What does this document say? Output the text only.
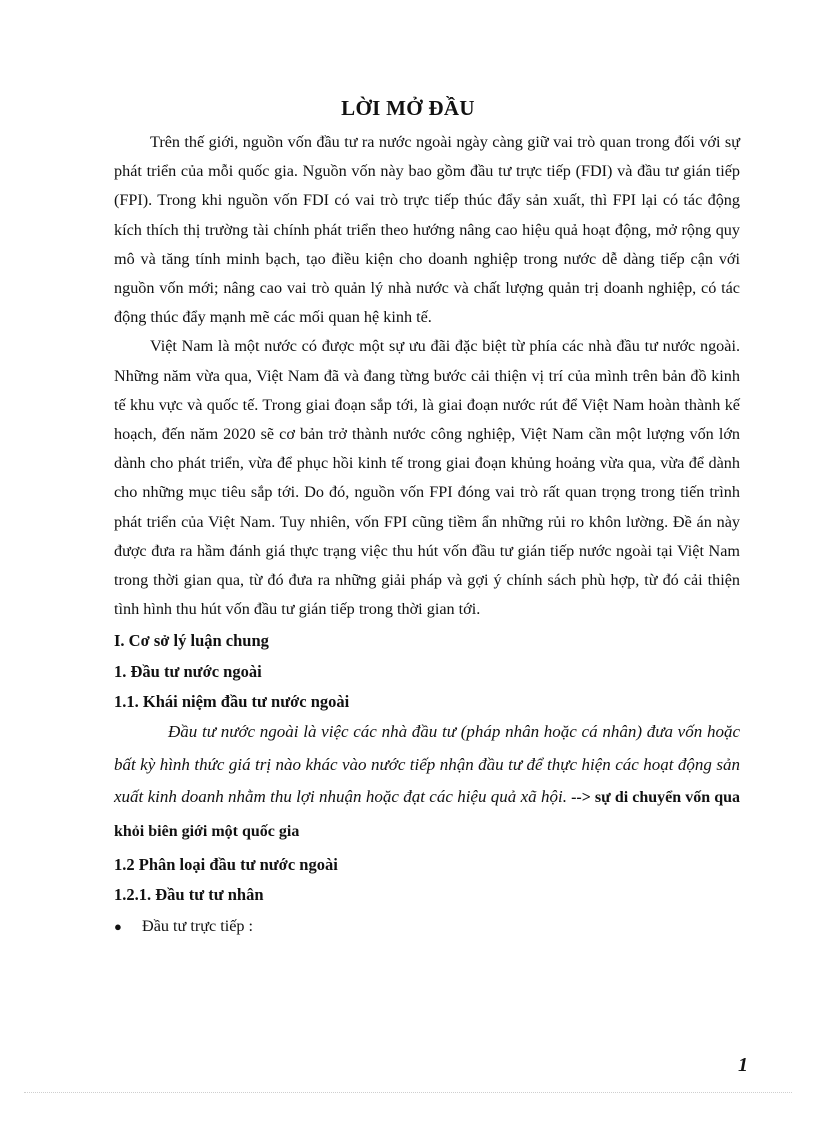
LỜI MỞ ĐẦU

Trên thế giới, nguồn vốn đầu tư ra nước ngoài ngày càng giữ vai trò quan trong đối với sự phát triển của mỗi quốc gia. Nguồn vốn này bao gồm đầu tư trực tiếp (FDI) và đầu tư gián tiếp (FPI). Trong khi nguồn vốn FDI có vai trò trực tiếp thúc đẩy sản xuất, thì FPI lại có tác động kích thích thị trường tài chính phát triển theo hướng nâng cao hiệu quả hoạt động, mở rộng quy mô và tăng tính minh bạch, tạo điều kiện cho doanh nghiệp trong nước dễ dàng tiếp cận với nguồn vốn mới; nâng cao vai trò quản lý nhà nước và chất lượng quản trị doanh nghiệp, có tác động thúc đẩy mạnh mẽ các mối quan hệ kinh tế.

Việt Nam là một nước có được một sự ưu đãi đặc biệt từ phía các nhà đầu tư nước ngoài. Những năm vừa qua, Việt Nam đã và đang từng bước cải thiện vị trí của mình trên bản đồ kinh tế khu vực và quốc tế. Trong giai đoạn sắp tới, là giai đoạn nước rút để Việt Nam hoàn thành kế hoạch, đến năm 2020 sẽ cơ bản trở thành nước công nghiệp, Việt Nam cần một lượng vốn lớn dành cho phát triển, vừa để phục hồi kinh tế trong giai đoạn khủng hoảng vừa qua, vừa để dành cho những mục tiêu sắp tới. Do đó, nguồn vốn FPI đóng vai trò rất quan trọng trong tiến trình phát triển của Việt Nam. Tuy nhiên, vốn FPI cũng tiềm ẩn những rủi ro khôn lường. Đề án này được đưa ra hầm đánh giá thực trạng việc thu hút vốn đầu tư gián tiếp nước ngoài tại Việt Nam trong thời gian qua, từ đó đưa ra những giải pháp và gợi ý chính sách phù hợp, từ đó cải thiện tình hình thu hút vốn đầu tư gián tiếp trong thời gian tới.

I. Cơ sở lý luận chung
1. Đầu tư nước ngoài
1.1. Khái niệm đầu tư nước ngoài

Đầu tư nước ngoài là việc các nhà đầu tư (pháp nhân hoặc cá nhân) đưa vốn hoặc bất kỳ hình thức giá trị nào khác vào nước tiếp nhận đầu tư để thực hiện các hoạt động sản xuất kinh doanh nhằm thu lợi nhuận hoặc đạt các hiệu quả xã hội. --> sự di chuyển vốn qua khỏi biên giới một quốc gia

1.2 Phân loại đầu tư nước ngoài
1.2.1. Đầu tư tư nhân
●	Đầu tư trực tiếp :
1
